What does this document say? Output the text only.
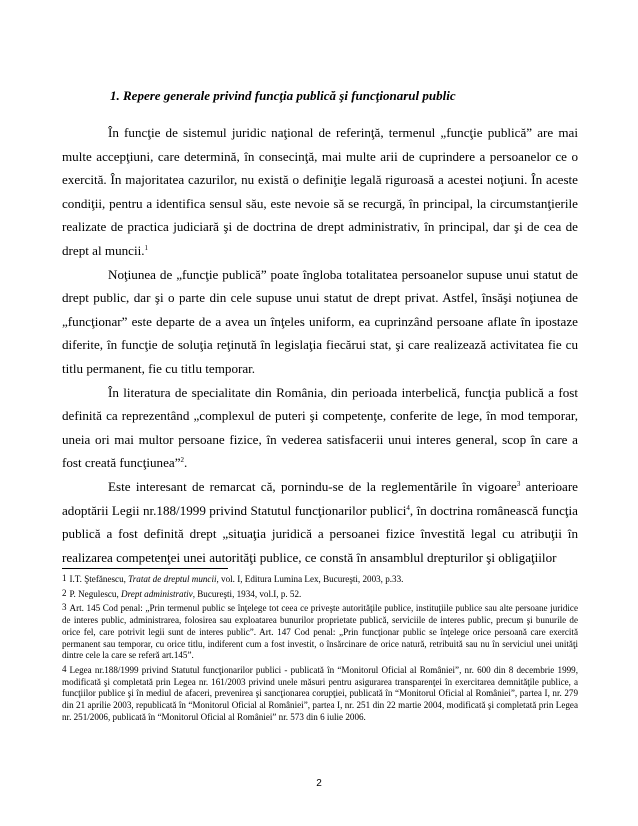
1. Repere generale privind funcţia publică şi funcţionarul public

În funcţie de sistemul juridic naţional de referinţă, termenul „funcţie publică” are mai multe accepţiuni, care determină, în consecinţă, mai multe arii de cuprindere a persoanelor ce o exercită. În majoritatea cazurilor, nu există o definiţie legală riguroasă a acestei noţiuni. În aceste condiţii, pentru a identifica sensul său, este nevoie să se recurgă, în principal, la circumstanţierile realizate de practica judiciară şi de doctrina de drept administrativ, în principal, dar şi de cea de drept al muncii.$^1$

Noţiunea de „funcţie publică” poate îngloba totalitatea persoanelor supuse unui statut de drept public, dar şi o parte din cele supuse unui statut de drept privat. Astfel, însăşi noţiunea de „funcţionar” este departe de a avea un înţeles uniform, ea cuprinzând persoane aflate în ipostaze diferite, în funcţie de soluţia reţinută în legislaţia fiecărui stat, şi care realizează activitatea fie cu titlu permanent, fie cu titlu temporar.

În literatura de specialitate din România, din perioada interbelică, funcţia publică a fost definită ca reprezentând „complexul de puteri şi competenţe, conferite de lege, în mod temporar, uneia ori mai multor persoane fizice, în vederea satisfacerii unui interes general, scop în care a fost creată funcţiunea”$^2$.

Este interesant de remarcat că, pornindu-se de la reglementările în vigoare$^3$ anterioare adoptării Legii nr.188/1999 privind Statutul funcţionarilor publici$^4$, în doctrina românească funcţia publică a fost definită drept „situaţia juridică a persoanei fizice învestită legal cu atribuţii în realizarea competenţei unei autorităţi publice, ce constă în ansamblul drepturilor şi obligaţiilor

1 I.T. Ştefănescu, Tratat de dreptul muncii, vol. I, Editura Lumina Lex, Bucureşti, 2003, p.33.

2 P. Negulescu, Drept administrativ, Bucureşti, 1934, vol.I, p. 52.

3 Art. 145 Cod penal: „Prin termenul public se înţelege tot ceea ce priveşte autorităţile publice, instituţiile publice sau alte persoane juridice de interes public, administrarea, folosirea sau exploatarea bunurilor proprietate publică, serviciile de interes public, precum şi bunurile de orice fel, care potrivit legii sunt de interes public”. Art. 147 Cod penal: „Prin funcţionar public se înţelege orice persoană care exercită permanent sau temporar, cu orice titlu, indiferent cum a fost investit, o însărcinare de orice natură, retribuită sau nu în serviciul unei unităţi dintre cele la care se referă art.145”.

4 Legea nr.188/1999 privind Statutul funcţionarilor publici - publicată în “Monitorul Oficial al României”, nr. 600 din 8 decembrie 1999, modificată şi completată prin Legea nr. 161/2003 privind unele măsuri pentru asigurarea transparenţei în exercitarea demnităţile publice, a funcţiilor publice şi în mediul de afaceri, prevenirea şi sancţionarea corupţiei, publicată în “Monitorul Oficial al României”, partea I, nr. 279 din 21 aprilie 2003, republicată în “Monitorul Oficial al României”, partea I, nr. 251 din 22 martie 2004, modificată şi completată prin Legea nr. 251/2006, publicată în “Monitorul Oficial al României” nr. 573 din 6 iulie 2006.

2
